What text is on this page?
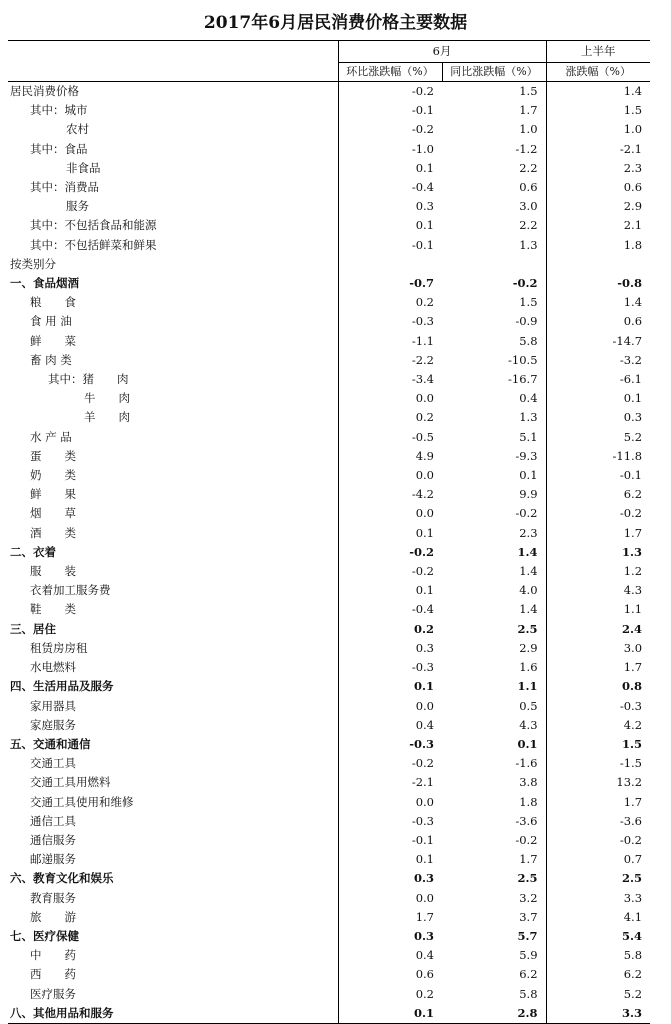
2017年6月居民消费价格主要数据
	6月		上半年
	环比涨跌幅（%）	同比涨跌幅（%）	涨跌幅（%）
居民消费价格	-0.2	1.5	1.4
其中：城市	-0.1	1.7	1.5
农村	-0.2	1.0	1.0
其中：食品	-1.0	-1.2	-2.1
非食品	0.1	2.2	2.3
其中：消费品	-0.4	0.6	0.6
服务	0.3	3.0	2.9
其中：不包括食品和能源	0.1	2.2	2.1
其中：不包括鲜菜和鲜果	-0.1	1.3	1.8
按类别分			
一、食品烟酒	-0.7	-0.2	-0.8
粮　　食	0.2	1.5	1.4
食 用 油	-0.3	-0.9	0.6
鲜　　菜	-1.1	5.8	-14.7
畜 肉 类	-2.2	-10.5	-3.2
其中：猪　　肉	-3.4	-16.7	-6.1
牛　　肉	0.0	0.4	0.1
羊　　肉	0.2	1.3	0.3
水 产 品	-0.5	5.1	5.2
蛋　　类	4.9	-9.3	-11.8
奶　　类	0.0	0.1	-0.1
鲜　　果	-4.2	9.9	6.2
烟　　草	0.0	-0.2	-0.2
酒　　类	0.1	2.3	1.7
二、衣着	-0.2	1.4	1.3
服　　装	-0.2	1.4	1.2
衣着加工服务费	0.1	4.0	4.3
鞋　　类	-0.4	1.4	1.1
三、居住	0.2	2.5	2.4
租赁房房租	0.3	2.9	3.0
水电燃料	-0.3	1.6	1.7
四、生活用品及服务	0.1	1.1	0.8
家用器具	0.0	0.5	-0.3
家庭服务	0.4	4.3	4.2
五、交通和通信	-0.3	0.1	1.5
交通工具	-0.2	-1.6	-1.5
交通工具用燃料	-2.1	3.8	13.2
交通工具使用和维修	0.0	1.8	1.7
通信工具	-0.3	-3.6	-3.6
通信服务	-0.1	-0.2	-0.2
邮递服务	0.1	1.7	0.7
六、教育文化和娱乐	0.3	2.5	2.5
教育服务	0.0	3.2	3.3
旅　　游	1.7	3.7	4.1
七、医疗保健	0.3	5.7	5.4
中　　药	0.4	5.9	5.8
西　　药	0.6	6.2	6.2
医疗服务	0.2	5.8	5.2
八、其他用品和服务	0.1	2.8	3.3
